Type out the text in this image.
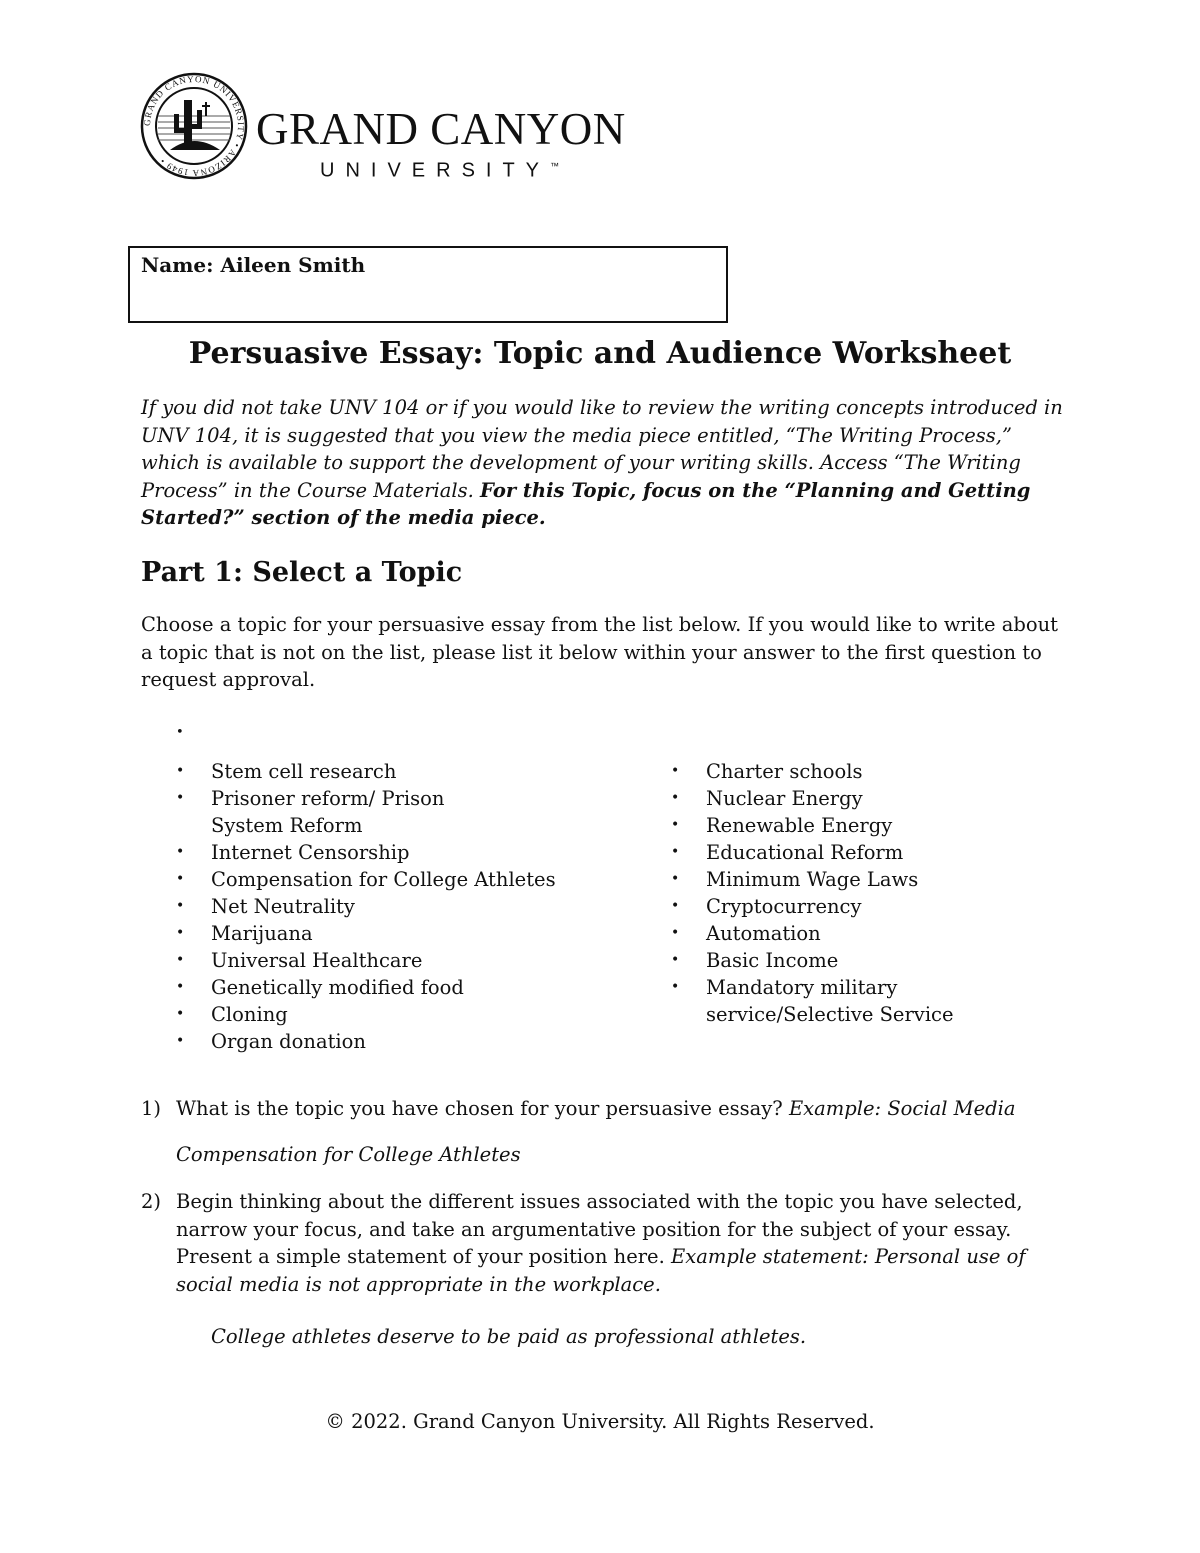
GRAND CANYON UNIVERSITY • ARIZONA 1949 •
GRAND CANYON
UNIVERSITY™
Name: Aileen Smith
Persuasive Essay: Topic and Audience Worksheet
If you did not take UNV 104 or if you would like to review the writing concepts introduced in UNV 104, it is suggested that you view the media piece entitled, “The Writing Process,” which is available to support the development of your writing skills. Access “The Writing Process” in the Course Materials. For this Topic, focus on the “Planning and Getting Started?” section of the media piece.
Part 1: Select a Topic
Choose a topic for your persuasive essay from the list below. If you would like to write about a topic that is not on the list, please list it below within your answer to the first question to request approval.
•
• Stem cell research
• Prisoner reform/ Prison System Reform
• Internet Censorship
• Compensation for College Athletes
• Net Neutrality
• Marijuana
• Universal Healthcare
• Genetically modified food
• Cloning
• Organ donation
• Charter schools
• Nuclear Energy
• Renewable Energy
• Educational Reform
• Minimum Wage Laws
• Cryptocurrency
• Automation
• Basic Income
• Mandatory military service/Selective Service
1) What is the topic you have chosen for your persuasive essay? Example: Social Media
Compensation for College Athletes
2) Begin thinking about the different issues associated with the topic you have selected, narrow your focus, and take an argumentative position for the subject of your essay. Present a simple statement of your position here. Example statement: Personal use of social media is not appropriate in the workplace.
College athletes deserve to be paid as professional athletes.
© 2022. Grand Canyon University. All Rights Reserved.
